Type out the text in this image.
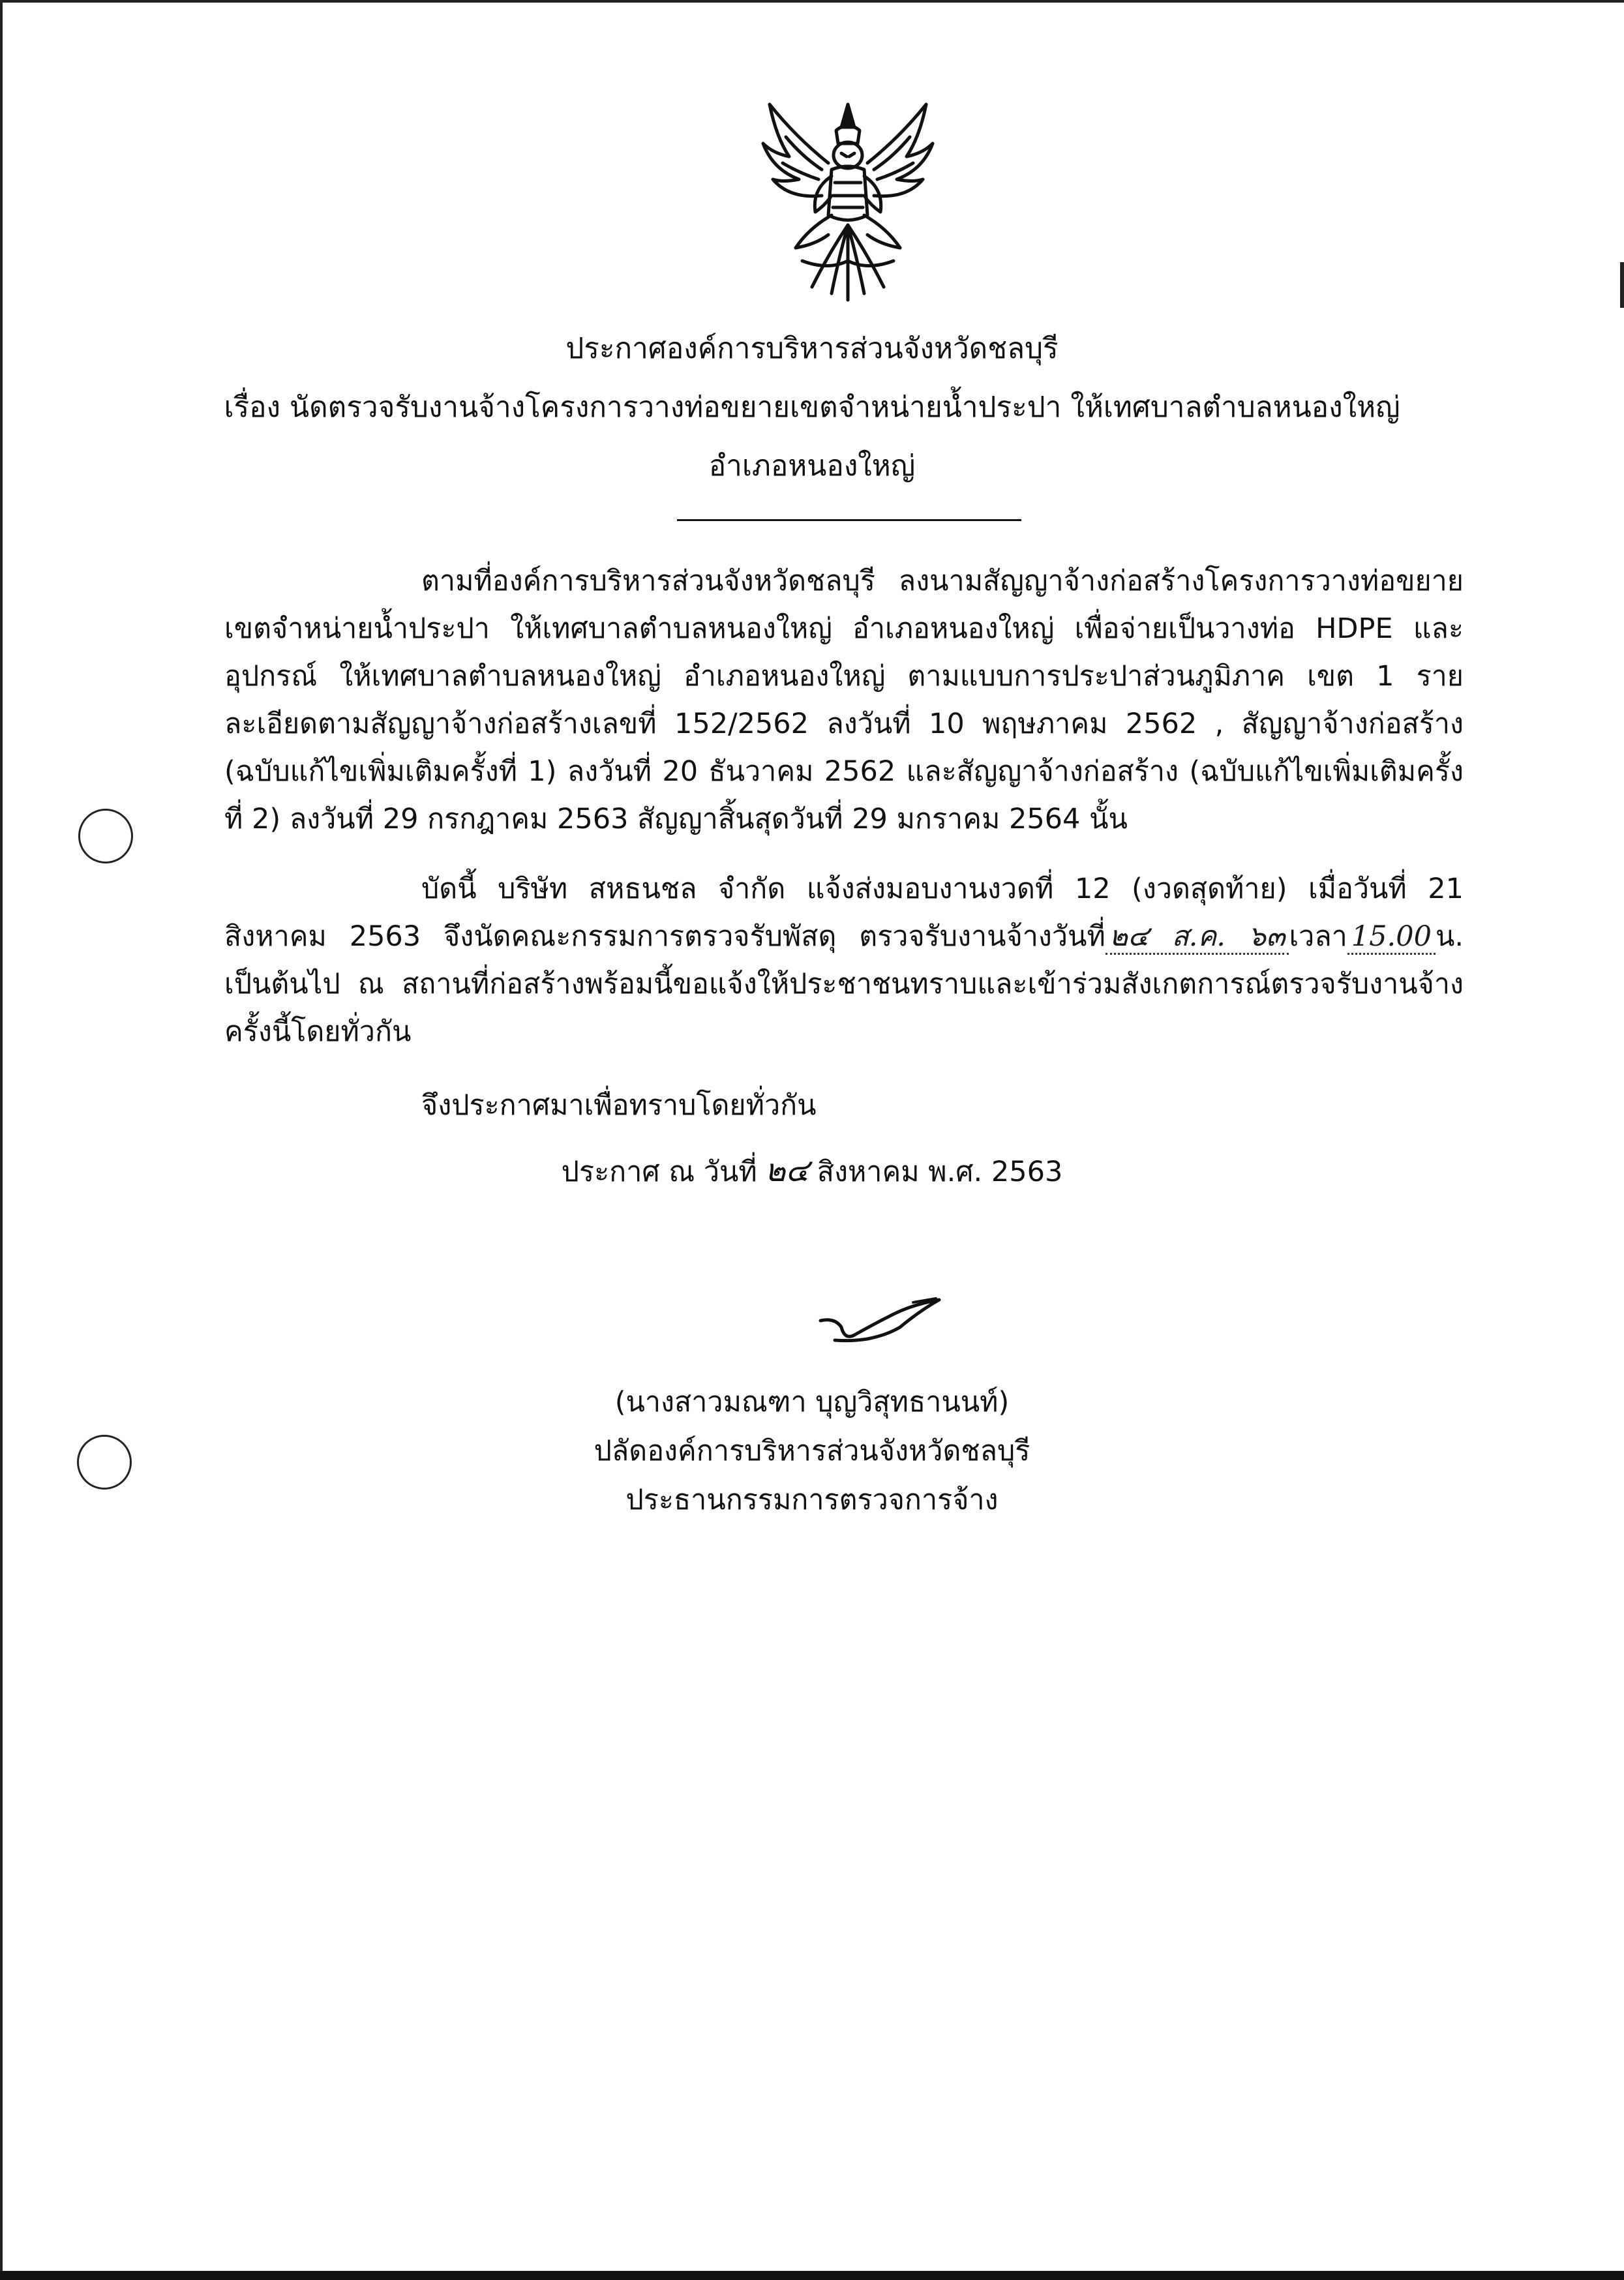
ประกาศองค์การบริหารส่วนจังหวัดชลบุรี
เรื่อง นัดตรวจรับงานจ้างโครงการวางท่อขยายเขตจำหน่ายน้ำประปา ให้เทศบาลตำบลหนองใหญ่
อำเภอหนองใหญ่
ตามที่องค์การบริหารส่วนจังหวัดชลบุรี ลงนามสัญญาจ้างก่อสร้างโครงการวางท่อขยายเขตจำหน่ายน้ำประปา ให้เทศบาลตำบลหนองใหญ่ อำเภอหนองใหญ่ เพื่อจ่ายเป็นวางท่อ HDPE และอุปกรณ์ ให้เทศบาลตำบลหนองใหญ่ อำเภอหนองใหญ่ ตามแบบการประปาส่วนภูมิภาค เขต 1 รายละเอียดตามสัญญาจ้างก่อสร้างเลขที่ 152/2562 ลงวันที่ 10 พฤษภาคม 2562 , สัญญาจ้างก่อสร้าง (ฉบับแก้ไขเพิ่มเติมครั้งที่ 1) ลงวันที่ 20 ธันวาคม 2562 และสัญญาจ้างก่อสร้าง (ฉบับแก้ไขเพิ่มเติมครั้งที่ 2) ลงวันที่ 29 กรกฎาคม 2563 สัญญาสิ้นสุดวันที่ 29 มกราคม 2564 นั้น
บัดนี้ บริษัท สหธนชล จำกัด แจ้งส่งมอบงานงวดที่ 12 (งวดสุดท้าย) เมื่อวันที่ 21 สิงหาคม 2563 จึงนัดคณะกรรมการตรวจรับพัสดุ ตรวจรับงานจ้างวันที่ ๒๔ ส.ค. ๖๓ เวลา 15.00 น. เป็นต้นไป ณ สถานที่ก่อสร้างพร้อมนี้ขอแจ้งให้ประชาชนทราบและเข้าร่วมสังเกตการณ์ตรวจรับงานจ้างครั้งนี้โดยทั่วกัน
จึงประกาศมาเพื่อทราบโดยทั่วกัน
ประกาศ ณ วันที่ ๒๔ สิงหาคม พ.ศ. 2563
(นางสาวมณฑา บุญวิสุทธานนท์)
ปลัดองค์การบริหารส่วนจังหวัดชลบุรี
ประธานกรรมการตรวจการจ้าง
